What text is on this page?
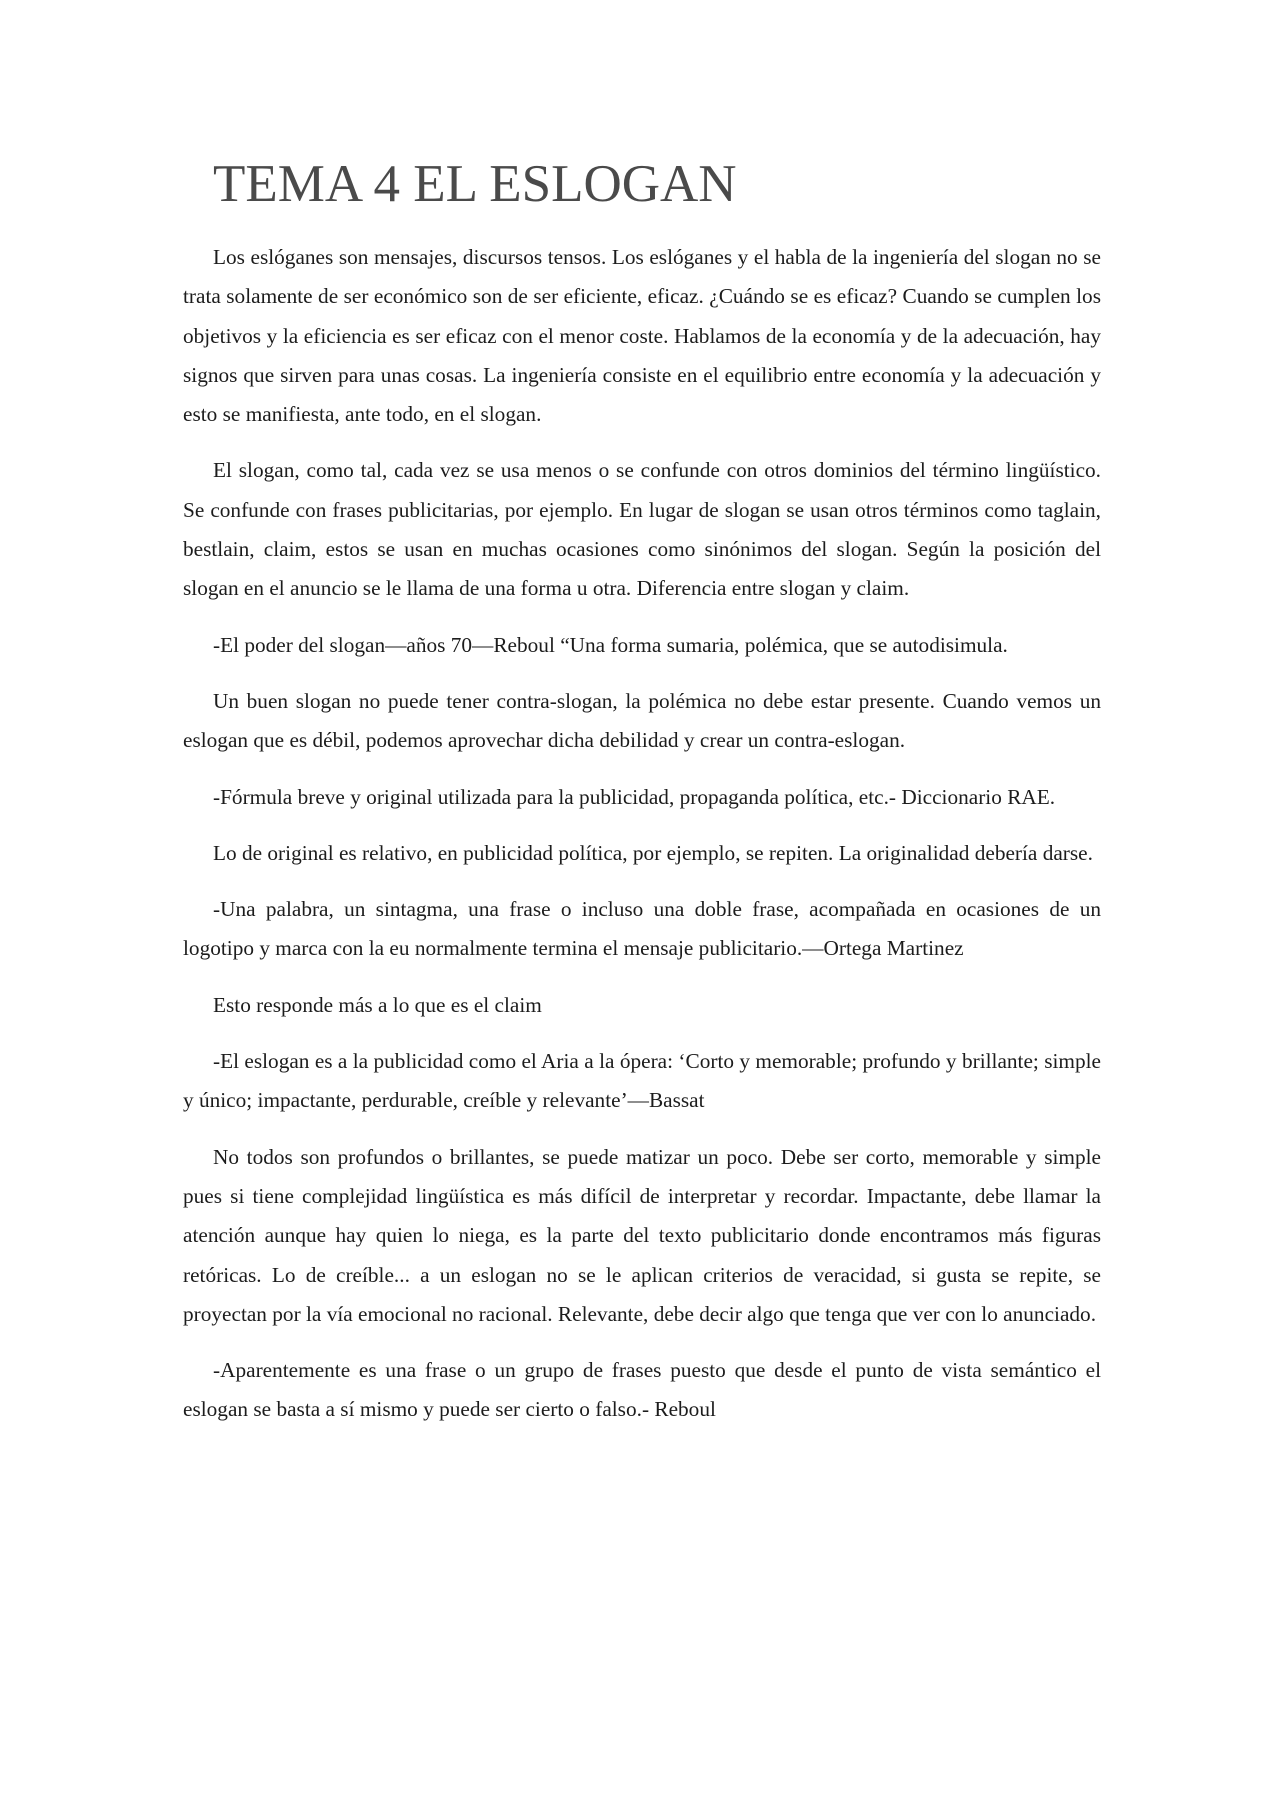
TEMA 4 EL ESLOGAN

Los eslóganes son mensajes, discursos tensos. Los eslóganes y el habla de la ingeniería del slogan no se trata solamente de ser económico son de ser eficiente, eficaz. ¿Cuándo se es eficaz? Cuando se cumplen los objetivos y la eficiencia es ser eficaz con el menor coste. Hablamos de la economía y de la adecuación, hay signos que sirven para unas cosas. La ingeniería consiste en el equilibrio entre economía y la adecuación y esto se manifiesta, ante todo, en el slogan.

El slogan, como tal, cada vez se usa menos o se confunde con otros dominios del término lingüístico. Se confunde con frases publicitarias, por ejemplo. En lugar de slogan se usan otros términos como taglain, bestlain, claim, estos se usan en muchas ocasiones como sinónimos del slogan. Según la posición del slogan en el anuncio se le llama de una forma u otra. Diferencia entre slogan y claim.

-El poder del slogan—años 70—Reboul “Una forma sumaria, polémica, que se autodisimula.

Un buen slogan no puede tener contra-slogan, la polémica no debe estar presente. Cuando vemos un eslogan que es débil, podemos aprovechar dicha debilidad y crear un contra-eslogan.

-Fórmula breve y original utilizada para la publicidad, propaganda política, etc.- Diccionario RAE.

Lo de original es relativo, en publicidad política, por ejemplo, se repiten. La originalidad debería darse.

-Una palabra, un sintagma, una frase o incluso una doble frase, acompañada en ocasiones de un logotipo y marca con la eu normalmente termina el mensaje publicitario.—Ortega Martinez

Esto responde más a lo que es el claim

-El eslogan es a la publicidad como el Aria a la ópera: ‘Corto y memorable; profundo y brillante; simple y único; impactante, perdurable, creíble y relevante’—Bassat

No todos son profundos o brillantes, se puede matizar un poco. Debe ser corto, memorable y simple pues si tiene complejidad lingüística es más difícil de interpretar y recordar. Impactante, debe llamar la atención aunque hay quien lo niega, es la parte del texto publicitario donde encontramos más figuras retóricas. Lo de creíble... a un eslogan no se le aplican criterios de veracidad, si gusta se repite, se proyectan por la vía emocional no racional. Relevante, debe decir algo que tenga que ver con lo anunciado.

-Aparentemente es una frase o un grupo de frases puesto que desde el punto de vista semántico el eslogan se basta a sí mismo y puede ser cierto o falso.- Reboul
